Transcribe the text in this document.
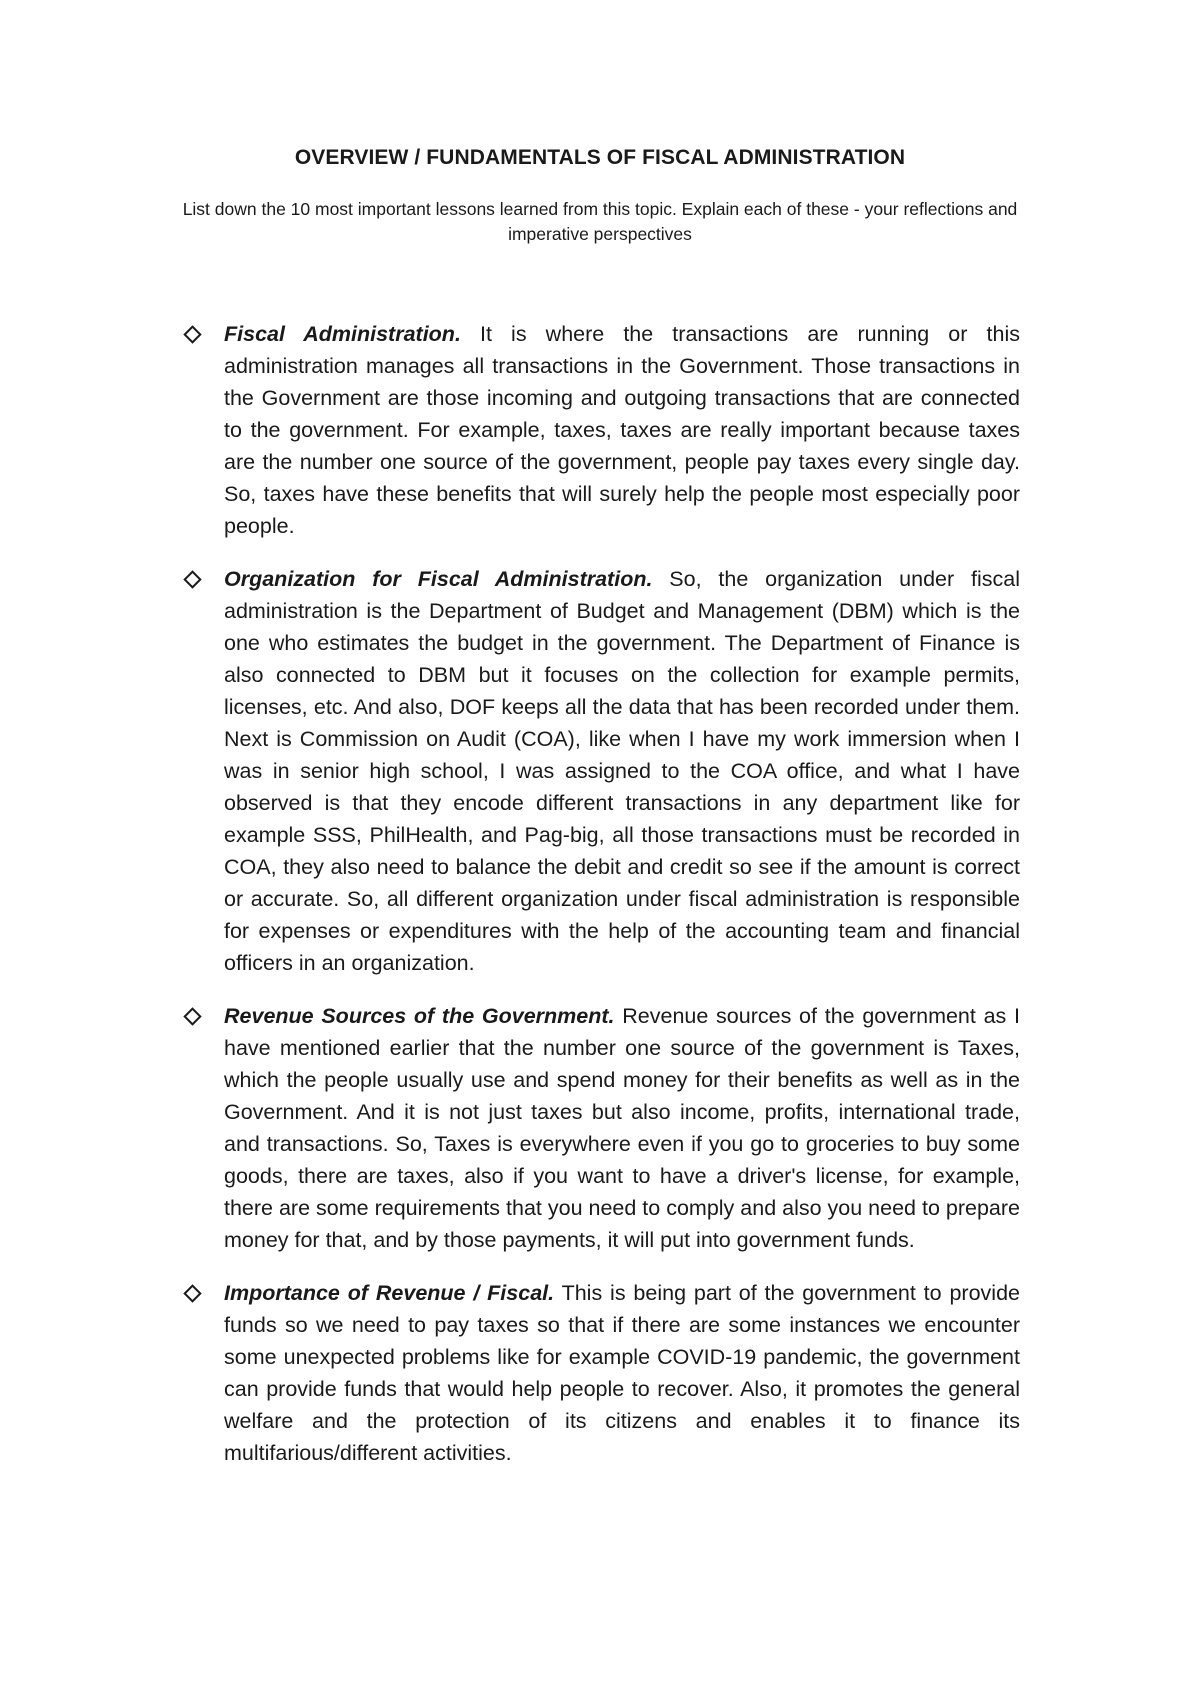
OVERVIEW / FUNDAMENTALS OF FISCAL ADMINISTRATION

List down the 10 most important lessons learned from this topic. Explain each of these - your reflections and imperative perspectives

Fiscal Administration. It is where the transactions are running or this administration manages all transactions in the Government. Those transactions in the Government are those incoming and outgoing transactions that are connected to the government. For example, taxes, taxes are really important because taxes are the number one source of the government, people pay taxes every single day. So, taxes have these benefits that will surely help the people most especially poor people.
Organization for Fiscal Administration. So, the organization under fiscal administration is the Department of Budget and Management (DBM) which is the one who estimates the budget in the government. The Department of Finance is also connected to DBM but it focuses on the collection for example permits, licenses, etc. And also, DOF keeps all the data that has been recorded under them. Next is Commission on Audit (COA), like when I have my work immersion when I was in senior high school, I was assigned to the COA office, and what I have observed is that they encode different transactions in any department like for example SSS, PhilHealth, and Pag-big, all those transactions must be recorded in COA, they also need to balance the debit and credit so see if the amount is correct or accurate. So, all different organization under fiscal administration is responsible for expenses or expenditures with the help of the accounting team and financial officers in an organization.
Revenue Sources of the Government. Revenue sources of the government as I have mentioned earlier that the number one source of the government is Taxes, which the people usually use and spend money for their benefits as well as in the Government. And it is not just taxes but also income, profits, international trade, and transactions. So, Taxes is everywhere even if you go to groceries to buy some goods, there are taxes, also if you want to have a driver's license, for example, there are some requirements that you need to comply and also you need to prepare money for that, and by those payments, it will put into government funds.
Importance of Revenue / Fiscal. This is being part of the government to provide funds so we need to pay taxes so that if there are some instances we encounter some unexpected problems like for example COVID-19 pandemic, the government can provide funds that would help people to recover. Also, it promotes the general welfare and the protection of its citizens and enables it to finance its multifarious/different activities.
